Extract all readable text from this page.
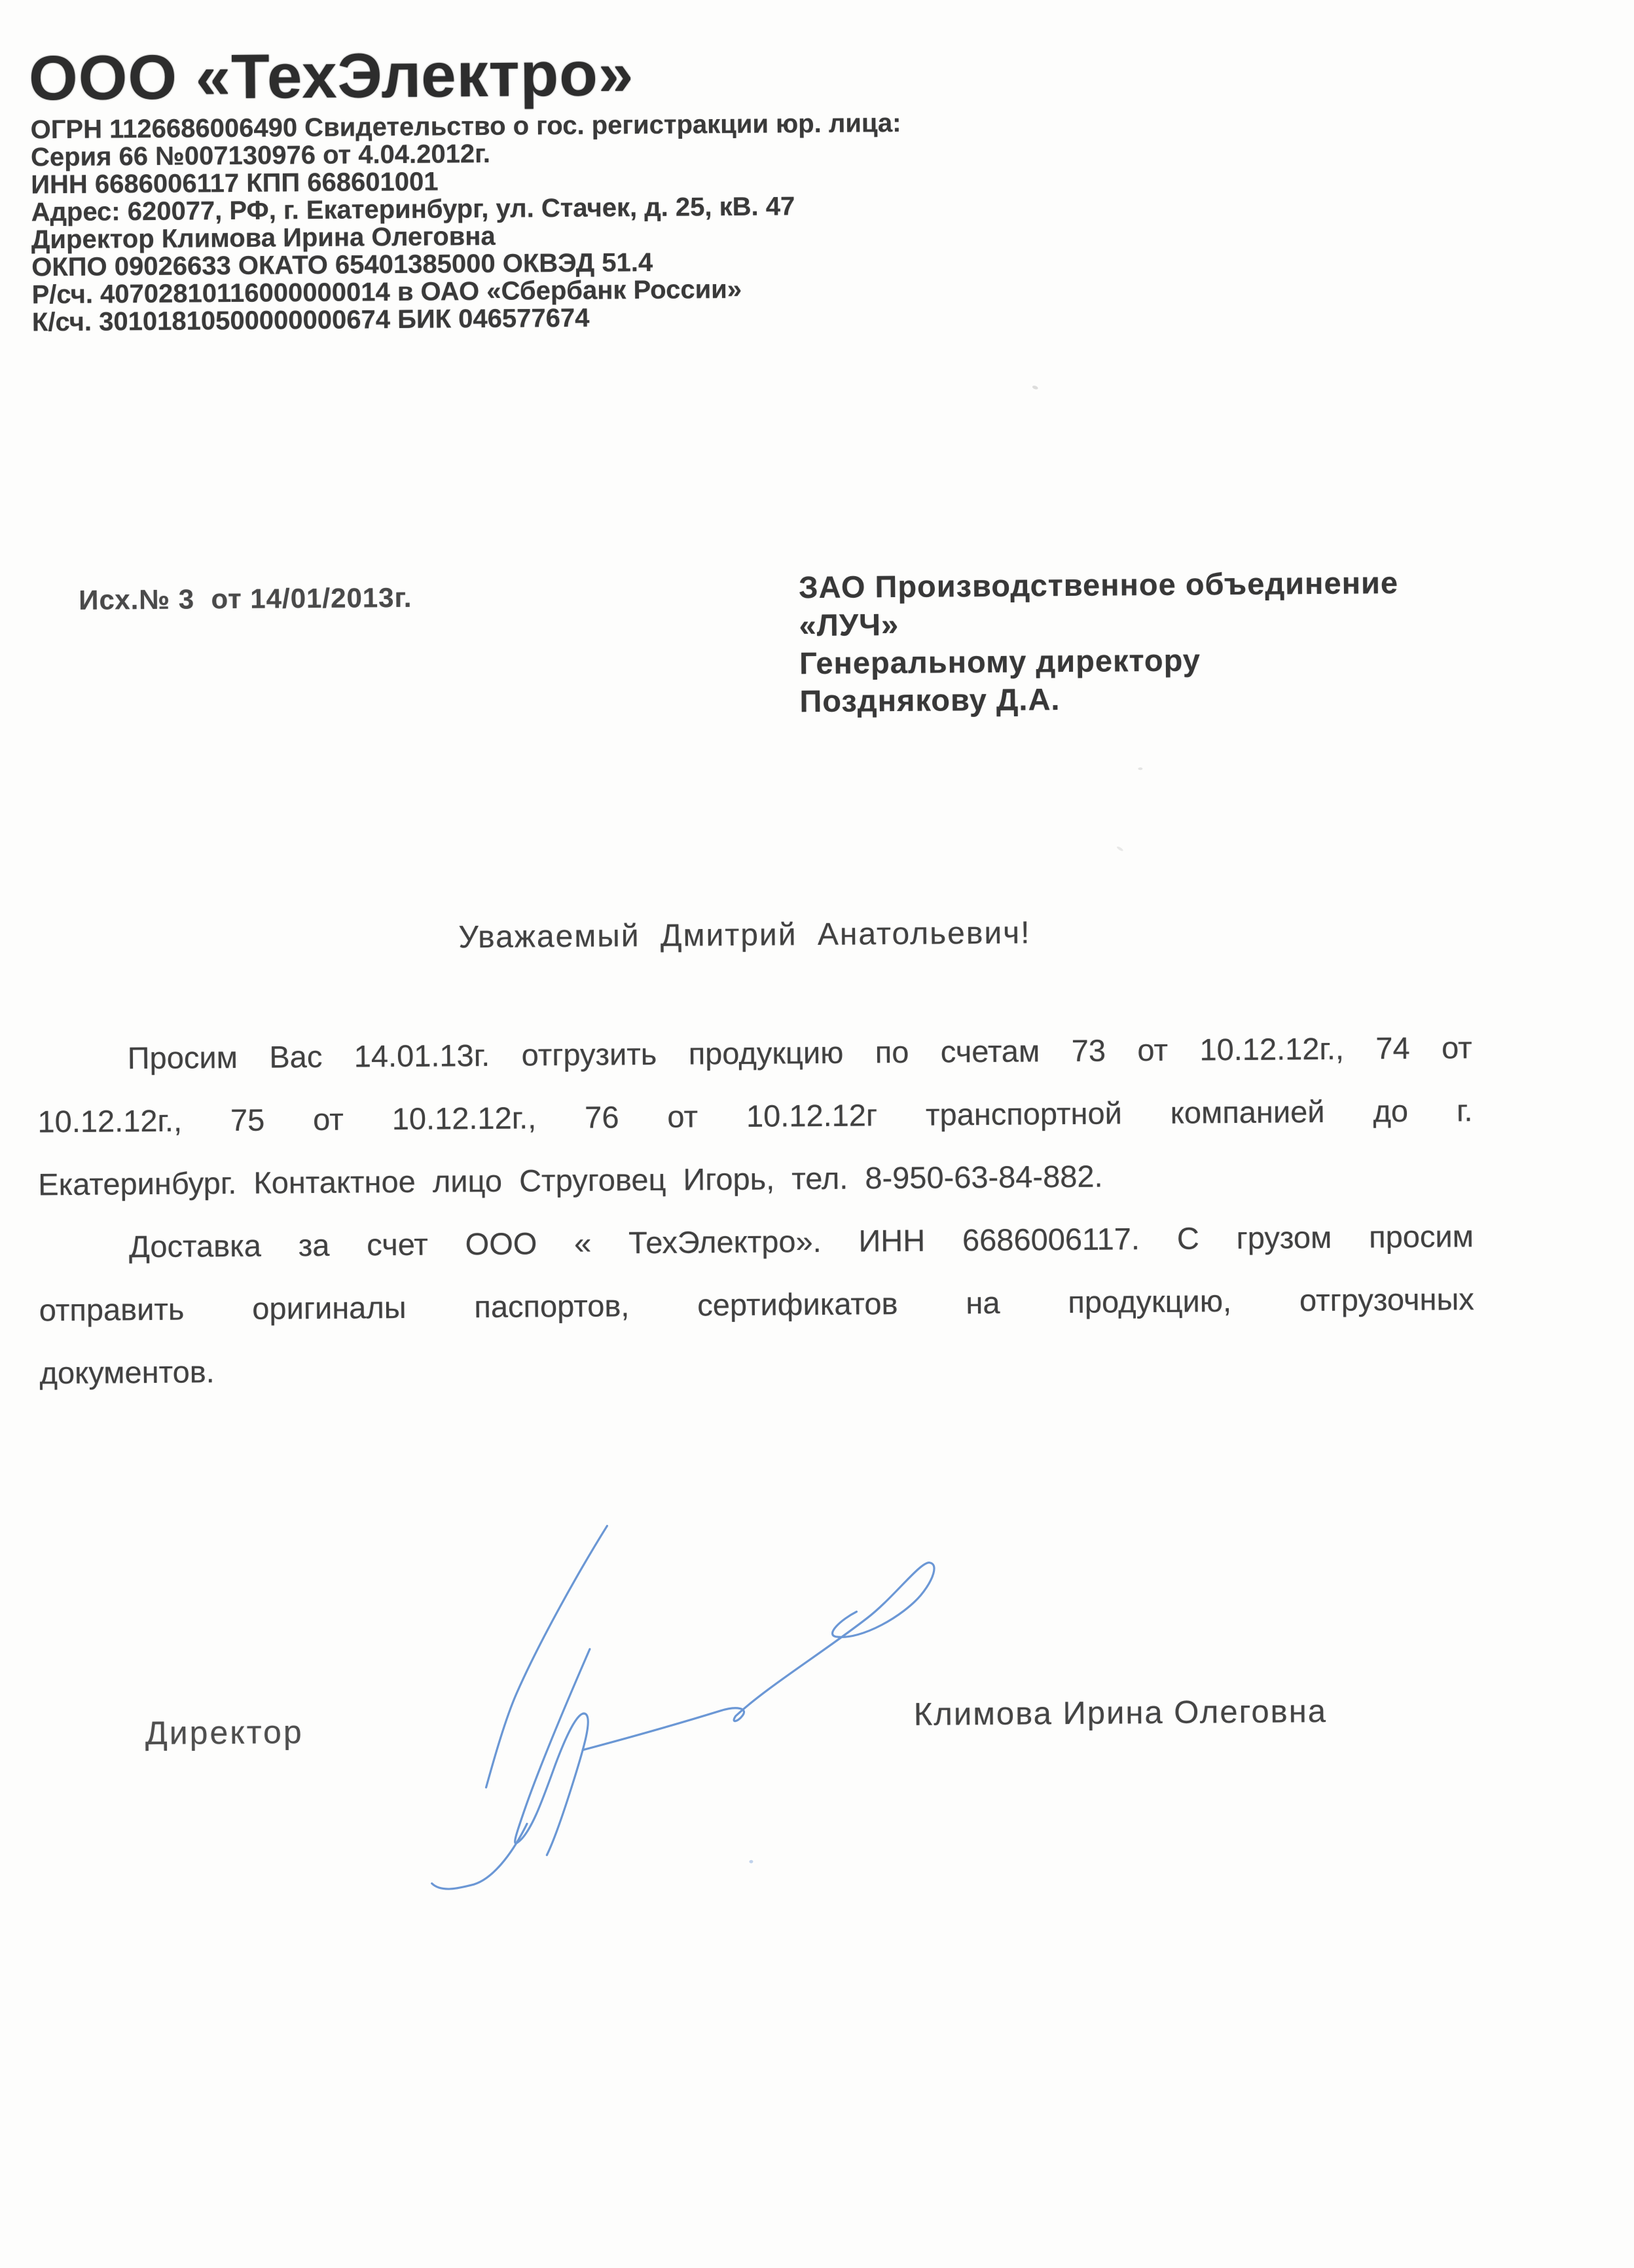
ООО «ТехЭлектро»
ОГРН 1126686006490 Свидетельство о гос. регистракции юр. лица:
Серия 66 №007130976 от 4.04.2012г.
ИНН 6686006117 КПП 668601001
Адрес: 620077, РФ, г. Екатеринбург, ул. Стачек, д. 25, кВ. 47
Директор Климова Ирина Олеговна
ОКПО 09026633 ОКАТО 65401385000 ОКВЭД 51.4
Р/сч. 40702810116000000014 в ОАО «Сбербанк России»
К/сч. 30101810500000000674 БИК 046577674
Исх.№ 3  от 14/01/2013г.	ЗАО Производственное объединение
«ЛУЧ»
Генеральному директору
Позднякову Д.А.
Уважаемый Дмитрий Анатольевич!
Просим Вас 14.01.13г. отгрузить продукцию по счетам 73 от 10.12.12г., 74 от
10.12.12г., 75 от 10.12.12г., 76 от 10.12.12г транспортной компанией до г.
Екатеринбург. Контактное лицо Струговец Игорь, тел. 8-950-63-84-882.
Доставка за счет ООО « ТехЭлектро». ИНН 6686006117. С грузом просим
отправить оригиналы паспортов, сертификатов на продукцию, отгрузочных
документов.
Директор
Климова Ирина Олеговна
